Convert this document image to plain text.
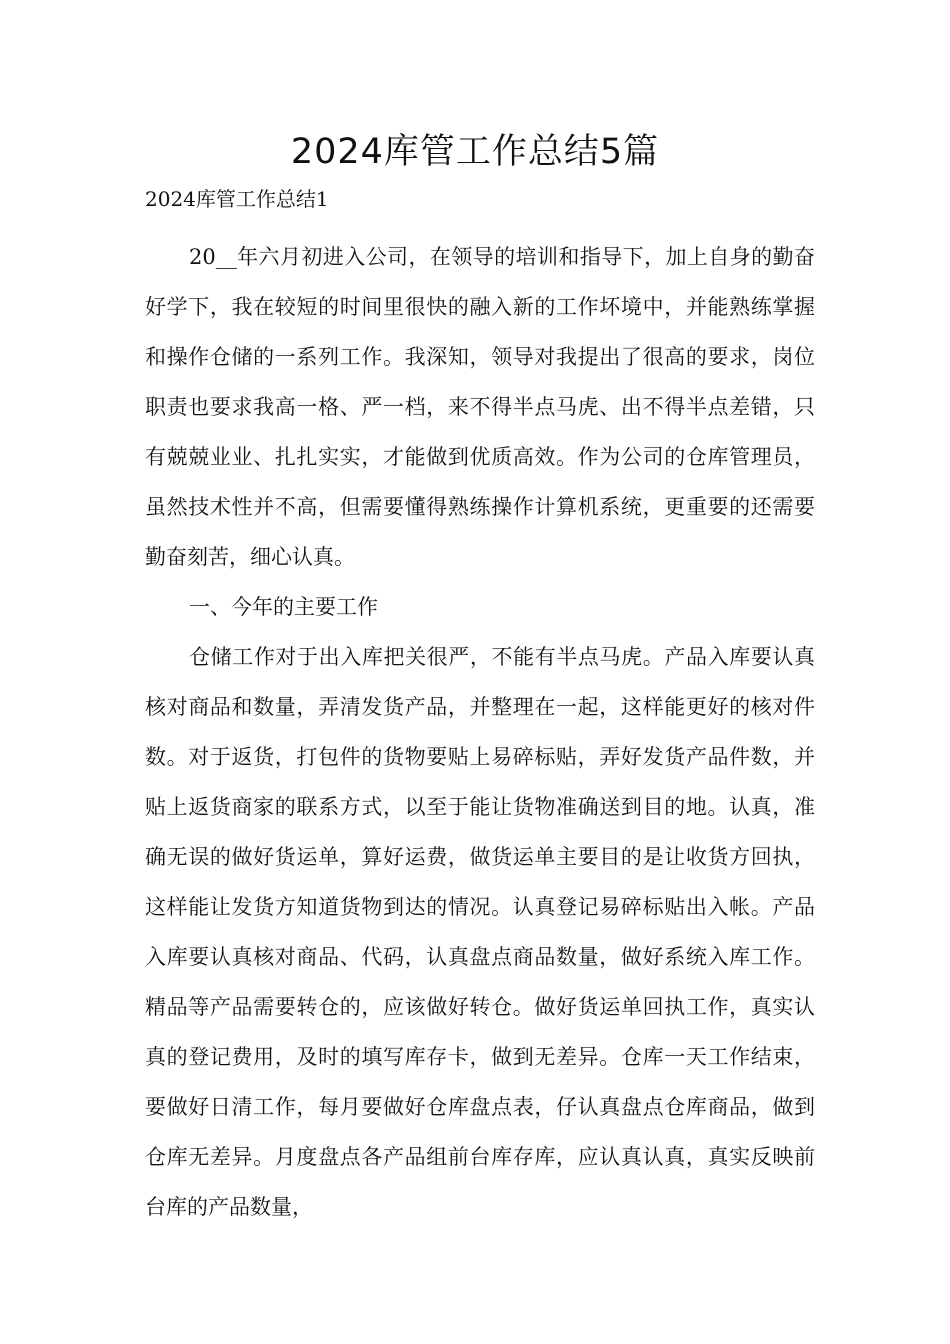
2024库管工作总结5篇

2024库管工作总结1

20__年六月初进入公司，在领导的培训和指导下，加上自身的勤奋好学下，我在较短的时间里很快的融入新的工作坏境中，并能熟练掌握和操作仓储的一系列工作。我深知，领导对我提出了很高的要求，岗位职责也要求我高一格、严一档，来不得半点马虎、出不得半点差错，只有兢兢业业、扎扎实实，才能做到优质高效。作为公司的仓库管理员，虽然技术性并不高，但需要懂得熟练操作计算机系统，更重要的还需要勤奋刻苦，细心认真。

一、今年的主要工作

仓储工作对于出入库把关很严，不能有半点马虎。产品入库要认真核对商品和数量，弄清发货产品，并整理在一起，这样能更好的核对件数。对于返货，打包件的货物要贴上易碎标贴，弄好发货产品件数，并贴上返货商家的联系方式，以至于能让货物准确送到目的地。认真，准确无误的做好货运单，算好运费，做货运单主要目的是让收货方回执，这样能让发货方知道货物到达的情况。认真登记易碎标贴出入帐。产品入库要认真核对商品、代码，认真盘点商品数量，做好系统入库工作。精品等产品需要转仓的，应该做好转仓。做好货运单回执工作，真实认真的登记费用，及时的填写库存卡，做到无差异。仓库一天工作结束，要做好日清工作，每月要做好仓库盘点表，仔认真盘点仓库商品，做到仓库无差异。月度盘点各产品组前台库存库，应认真认真，真实反映前台库的产品数量，
